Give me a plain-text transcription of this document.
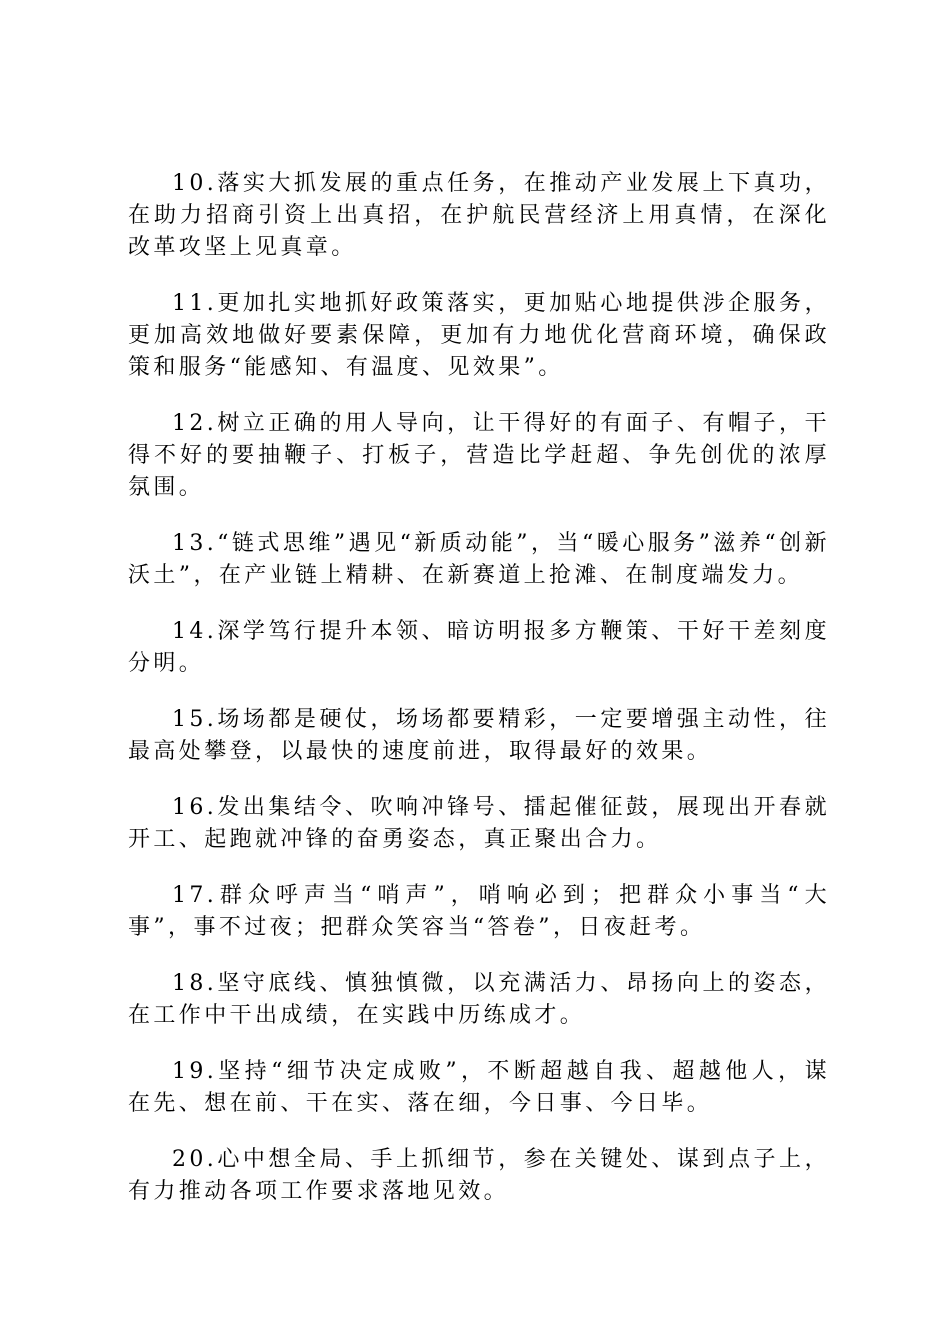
10.落实大抓发展的重点任务，在推动产业发展上下真功，在助力招商引资上出真招，在护航民营经济上用真情，在深化改革攻坚上见真章。

11.更加扎实地抓好政策落实，更加贴心地提供涉企服务，更加高效地做好要素保障，更加有力地优化营商环境，确保政策和服务“能感知、有温度、见效果”。

12.树立正确的用人导向，让干得好的有面子、有帽子，干得不好的要抽鞭子、打板子，营造比学赶超、争先创优的浓厚氛围。

13.“链式思维”遇见“新质动能”，当“暖心服务”滋养“创新沃土”，在产业链上精耕、在新赛道上抢滩、在制度端发力。

14.深学笃行提升本领、暗访明报多方鞭策、干好干差刻度分明。

15.场场都是硬仗，场场都要精彩，一定要增强主动性，往最高处攀登，以最快的速度前进，取得最好的效果。

16.发出集结令、吹响冲锋号、擂起催征鼓，展现出开春就开工、起跑就冲锋的奋勇姿态，真正聚出合力。

17.群众呼声当“哨声”，哨响必到；把群众小事当“大事”，事不过夜；把群众笑容当“答卷”，日夜赶考。

18.坚守底线、慎独慎微，以充满活力、昂扬向上的姿态，在工作中干出成绩，在实践中历练成才。

19.坚持“细节决定成败”，不断超越自我、超越他人，谋在先、想在前、干在实、落在细，今日事、今日毕。

20.心中想全局、手上抓细节，参在关键处、谋到点子上，有力推动各项工作要求落地见效。
